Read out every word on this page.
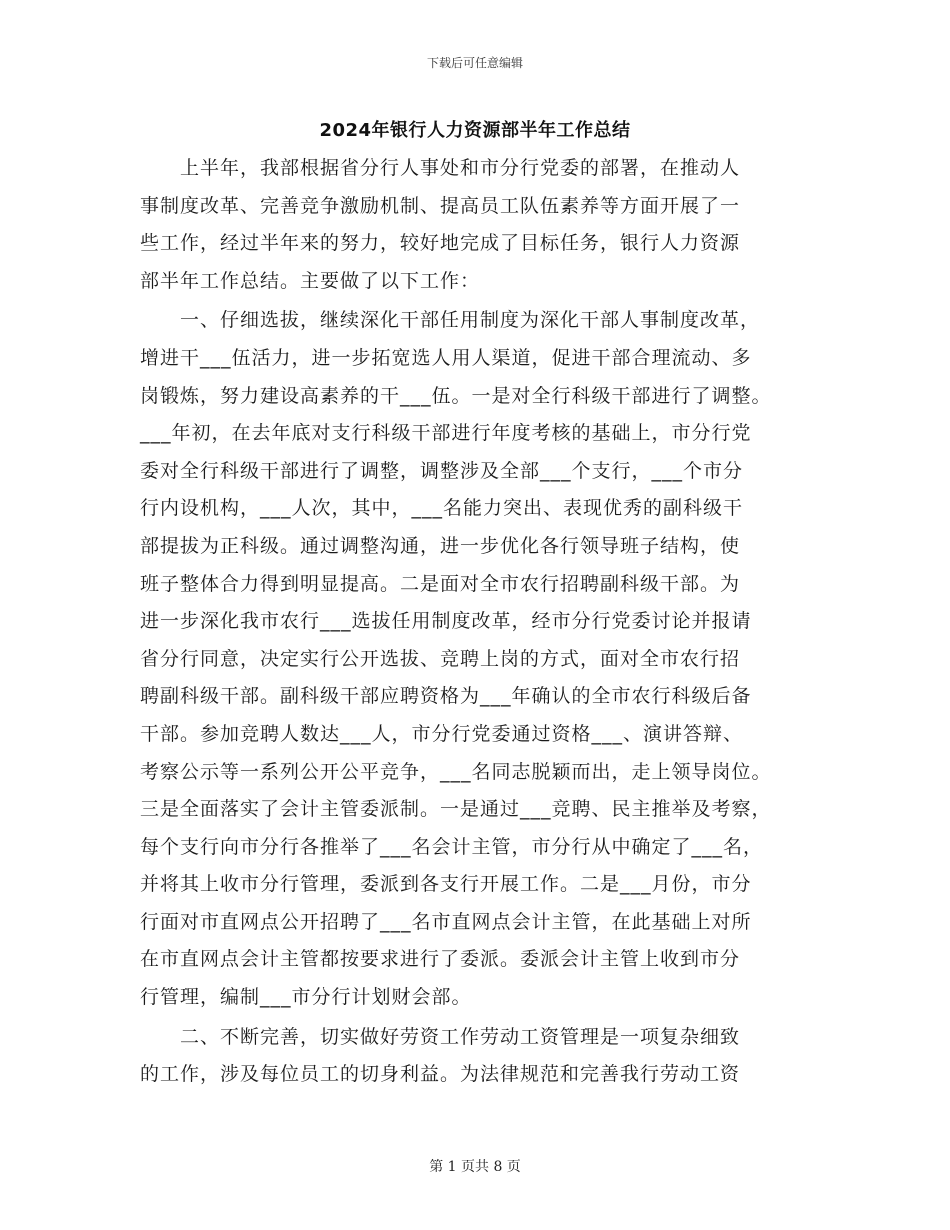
下载后可任意编辑
2024年银行人力资源部半年工作总结
　　上半年，我部根据省分行人事处和市分行党委的部署，在推动人
事制度改革、完善竞争激励机制、提高员工队伍素养等方面开展了一
些工作，经过半年来的努力，较好地完成了目标任务，银行人力资源
部半年工作总结。主要做了以下工作：
　　一、仔细选拔，继续深化干部任用制度为深化干部人事制度改革，
增进干___伍活力，进一步拓宽选人用人渠道，促进干部合理流动、多
岗锻炼，努力建设高素养的干___伍。一是对全行科级干部进行了调整。
___年初，在去年底对支行科级干部进行年度考核的基础上，市分行党
委对全行科级干部进行了调整，调整涉及全部___个支行，___个市分
行内设机构，___人次，其中，___名能力突出、表现优秀的副科级干
部提拔为正科级。通过调整沟通，进一步优化各行领导班子结构，使
班子整体合力得到明显提高。二是面对全市农行招聘副科级干部。为
进一步深化我市农行___选拔任用制度改革，经市分行党委讨论并报请
省分行同意，决定实行公开选拔、竞聘上岗的方式，面对全市农行招
聘副科级干部。副科级干部应聘资格为___年确认的全市农行科级后备
干部。参加竞聘人数达___人，市分行党委通过资格___、演讲答辩、
考察公示等一系列公开公平竞争，___名同志脱颖而出，走上领导岗位。
三是全面落实了会计主管委派制。一是通过___竞聘、民主推举及考察，
每个支行向市分行各推举了___名会计主管，市分行从中确定了___名，
并将其上收市分行管理，委派到各支行开展工作。二是___月份，市分
行面对市直网点公开招聘了___名市直网点会计主管，在此基础上对所
在市直网点会计主管都按要求进行了委派。委派会计主管上收到市分
行管理，编制___市分行计划财会部。
　　二、不断完善，切实做好劳资工作劳动工资管理是一项复杂细致
的工作，涉及每位员工的切身利益。为法律规范和完善我行劳动工资
第 1 页共 8 页
